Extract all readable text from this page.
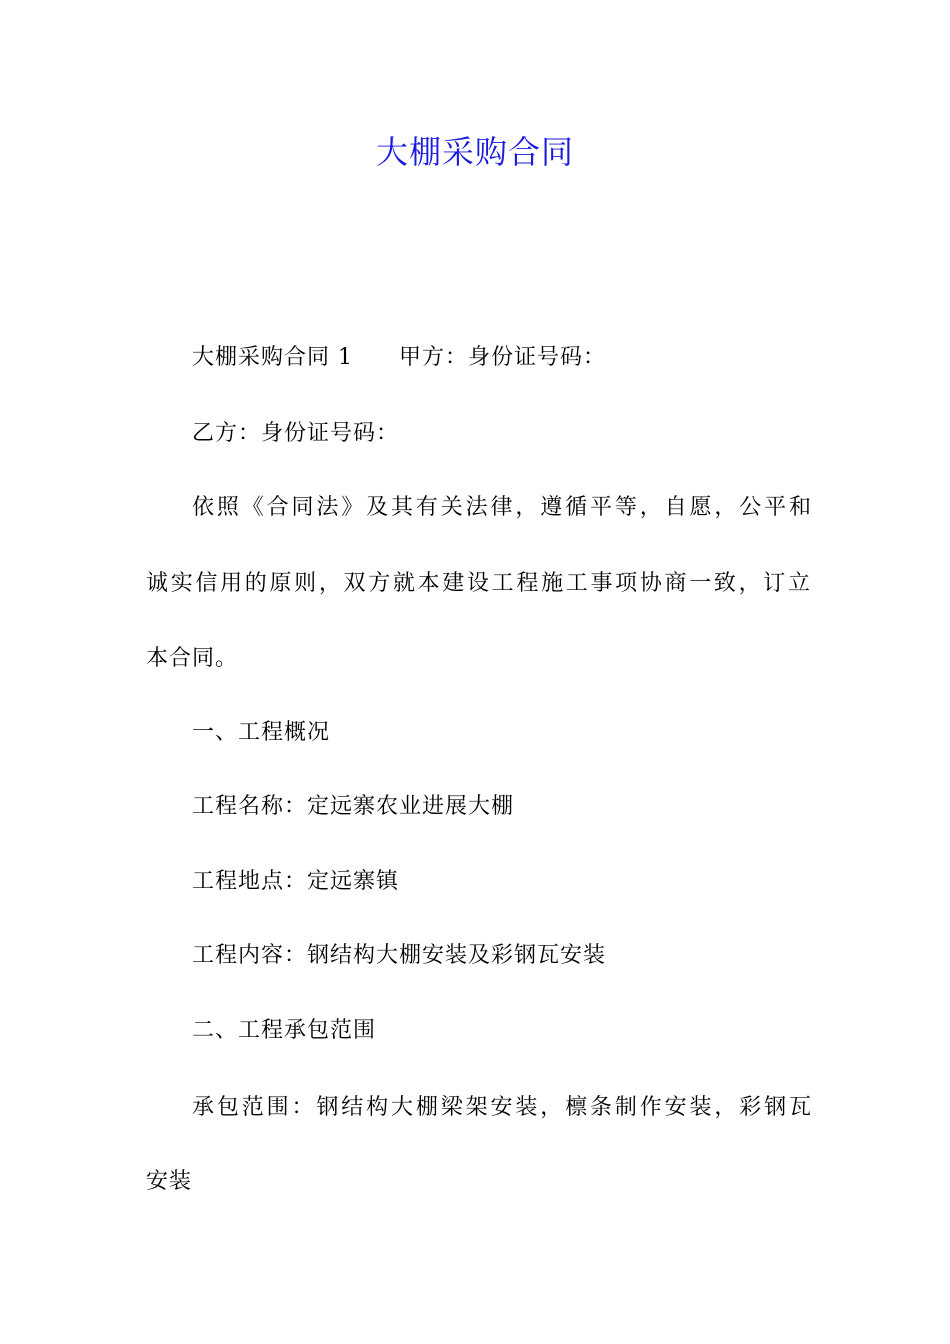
大棚采购合同
大棚采购合同 1 甲方：身份证号码：
乙方：身份证号码：
依照《合同法》及其有关法律，遵循平等，自愿，公平和
诚实信用的原则，双方就本建设工程施工事项协商一致，订立
本合同。
一、工程概况
工程名称：定远寨农业进展大棚
工程地点：定远寨镇
工程内容：钢结构大棚安装及彩钢瓦安装
二、工程承包范围
承包范围：钢结构大棚梁架安装，檩条制作安装，彩钢瓦
安装
